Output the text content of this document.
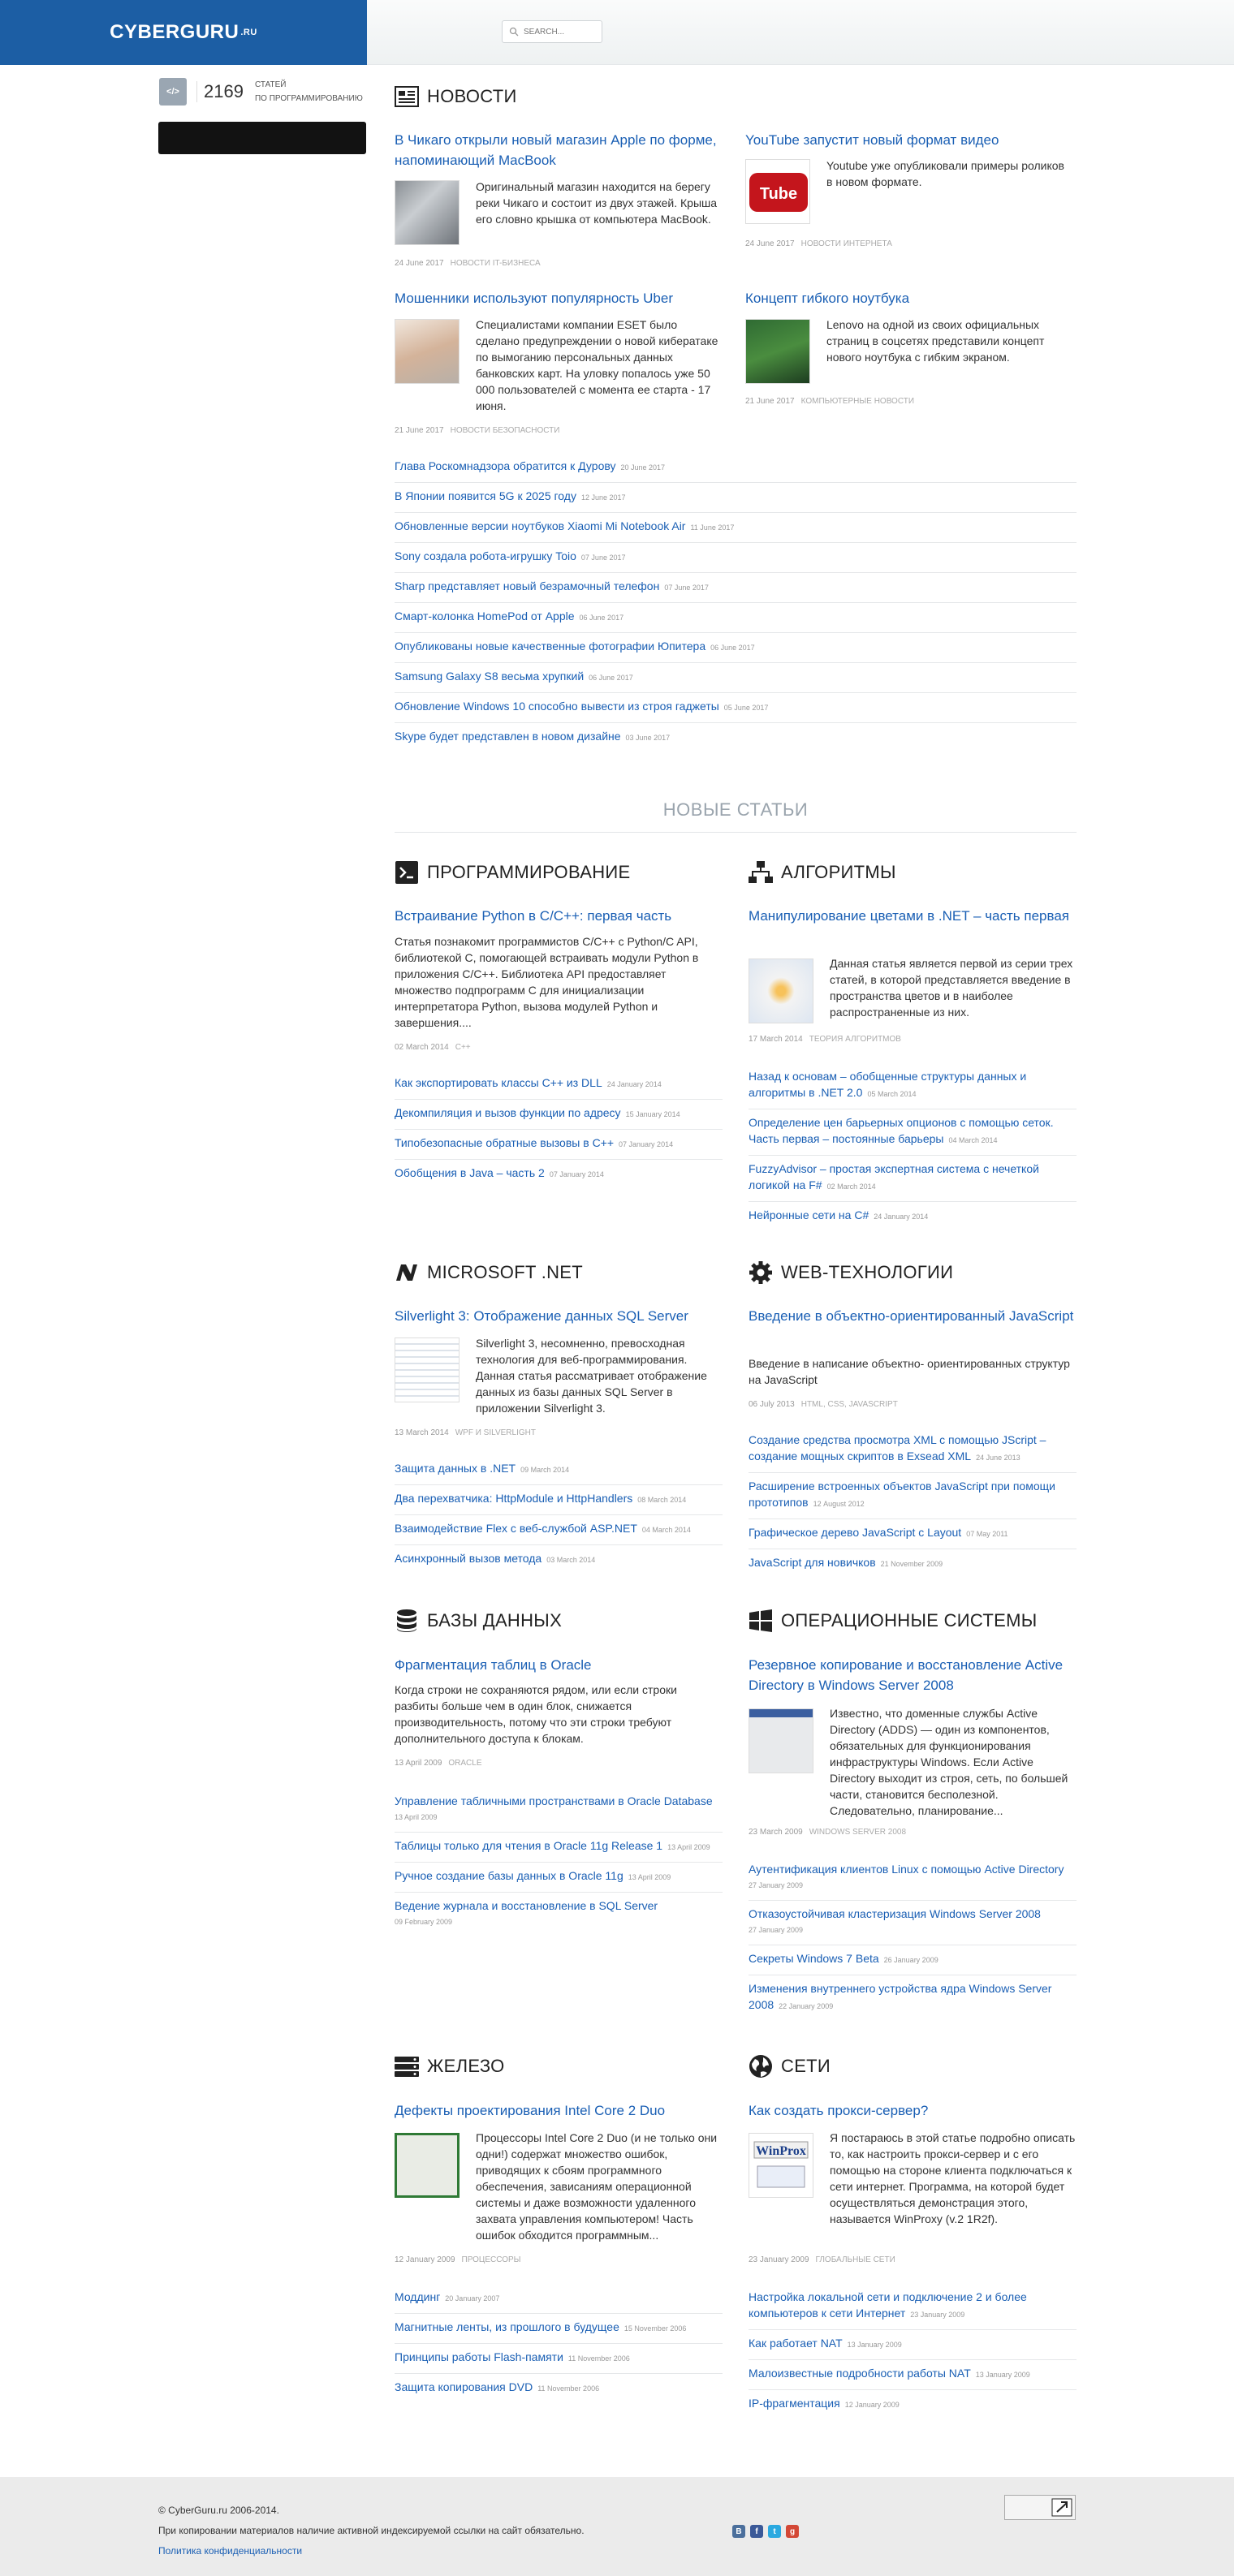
CYBERGURU .RU
SEARCH...
</>	2169 СТАТЕЙ
ПО ПРОГРАММИРОВАНИЮ	НОВОСТИ
В Чикаго открыли новый магазин Apple по форме, напоминающий MacBook
Оригинальный магазин находится на берегу реки Чикаго и состоит из двух этажей. Крыша его словно крышка от компьютера MacBook.
24 June 2017 НОВОСТИ IT-БИЗНЕСА
YouTube запустит новый формат видео
Tube
Youtube уже опубликовали примеры роликов в новом формате.
24 June 2017 НОВОСТИ ИНТЕРНЕТА
Мошенники используют популярность Uber
Специалистами компании ESET было сделано предупреждении о новой кибератаке по вымоганию персональных данных банковских карт. На уловку попалось уже 50 000 пользователей с момента ее старта - 17 июня.
21 June 2017 НОВОСТИ БЕЗОПАСНОСТИ
Концепт гибкого ноутбука
Lenovo на одной из своих официальных страниц в соцсетях представили концепт нового ноутбука с гибким экраном.
21 June 2017 КОМПЬЮТЕРНЫЕ НОВОСТИ
Глава Роскомнадзора обратится к Дурову 20 June 2017
В Японии появится 5G к 2025 году 12 June 2017
Обновленные версии ноутбуков Xiaomi Mi Notebook Air 11 June 2017
Sony создала робота-игрушку Toio 07 June 2017
Sharp представляет новый безрамочный телефон 07 June 2017
Смарт-колонка HomePod от Apple 06 June 2017
Опубликованы новые качественные фотографии Юпитера 06 June 2017
Samsung Galaxy S8 весьма хрупкий 06 June 2017
Обновление Windows 10 способно вывести из строя гаджеты 05 June 2017
Skype будет представлен в новом дизайне 03 June 2017
НОВЫЕ СТАТЬИ
ПРОГРАММИРОВАНИЕ
Встраивание Python в C/C++: первая часть
Статья познакомит программистов C/C++ с Python/C API, библиотекой C, помогающей встраивать модули Python в приложения C/C++. Библиотека API предоставляет множество подпрограмм C для инициализации интерпретатора Python, вызова модулей Python и завершения....
02 March 2014 C++
Как экспортировать классы C++ из DLL 24 January 2014
Декомпиляция и вызов функции по адресу 15 January 2014
Типобезопасные обратные вызовы в C++ 07 January 2014
Обобщения в Java – часть 2 07 January 2014
АЛГОРИТМЫ
Манипулирование цветами в .NET – часть первая
Данная статья является первой из серии трех статей, в которой представляется введение в пространства цветов и в наиболее распространенные из них.
17 March 2014 ТЕОРИЯ АЛГОРИТМОВ
Назад к основам – обобщенные структуры данных и алгоритмы в .NET 2.0 05 March 2014
Определение цен барьерных опционов с помощью сеток. Часть первая – постоянные барьеры 04 March 2014
FuzzyAdvisor – простая экспертная система с нечеткой логикой на F# 02 March 2014
Нейронные сети на C# 24 January 2014
MICROSOFT .NET
Silverlight 3: Отображение данных SQL Server
Silverlight 3, несомненно, превосходная технология для веб-программирования. Данная статья рассматривает отображение данных из базы данных SQL Server в приложении Silverlight 3.
13 March 2014 WPF И SILVERLIGHT
Защита данных в .NET 09 March 2014
Два перехватчика: HttpModule и HttpHandlers 08 March 2014
Взаимодействие Flex с веб-службой ASP.NET 04 March 2014
Асинхронный вызов метода 03 March 2014
WEB-ТЕХНОЛОГИИ
Введение в объектно-ориентированный JavaScript
Введение в написание объектно- ориентированных структур на JavaScript
06 July 2013 HTML, CSS, JAVASCRIPT
Создание средства просмотра XML с помощью JScript – создание мощных скриптов в Exsead XML 24 June 2013
Расширение встроенных объектов JavaScript при помощи прототипов 12 August 2012
Графическое дерево JavaScript с Layout 07 May 2011
JavaScript для новичков 21 November 2009
БАЗЫ ДАННЫХ
Фрагментация таблиц в Oracle
Когда строки не сохраняются рядом, или если строки разбиты больше чем в один блок, снижается производительность, потому что эти строки требуют дополнительного доступа к блокам.
13 April 2009 ORACLE
Управление табличными пространствами в Oracle Database
13 April 2009
Таблицы только для чтения в Oracle 11g Release 1 13 April 2009
Ручное создание базы данных в Oracle 11g 13 April 2009
Ведение журнала и восстановление в SQL Server
09 February 2009
ОПЕРАЦИОННЫЕ СИСТЕМЫ
Резервное копирование и восстановление Active Directory в Windows Server 2008
Известно, что доменные службы Active Directory (ADDS) — один из компонентов, обязательных для функционирования инфраструктуры Windows. Если Active Directory выходит из строя, сеть, по большей части, становится бесполезной. Следовательно, планирование...
23 March 2009 WINDOWS SERVER 2008
Аутентификация клиентов Linux с помощью Active Directory
27 January 2009
Отказоустойчивая кластеризация Windows Server 2008
27 January 2009
Секреты Windows 7 Beta 26 January 2009
Изменения внутреннего устройства ядра Windows Server 2008 22 January 2009
ЖЕЛЕЗО
Дефекты проектирования Intel Core 2 Duo
Процессоры Intel Core 2 Duo (и не только они одни!) содержат множество ошибок, приводящих к сбоям программного обеспечения, зависаниям операционной системы и даже возможности удаленного захвата управления компьютером! Часть ошибок обходится программным...
12 January 2009 ПРОЦЕССОРЫ
Моддинг 20 January 2007
Магнитные ленты, из прошлого в будущее 15 November 2006
Принципы работы Flash-памяти 11 November 2006
Защита копирования DVD 11 November 2006
СЕТИ
Как создать прокси-сервер?
WinProx
Я постараюсь в этой статье подробно описать то, как настроить прокси-сервер и с его помощью на стороне клиента подключаться к сети интернет. Программа, на которой будет осуществляться демонстрация этого, называется WinProxy (v.2 1R2f).
23 January 2009 ГЛОБАЛЬНЫЕ СЕТИ
Настройка локальной сети и подключение 2 и более компьютеров к сети Интернет 23 January 2009
Как работает NAT 13 January 2009
Малоизвестные подробности работы NAT 13 January 2009
IP-фрагментация 12 January 2009
© CyberGuru.ru 2006-2014.
При копировании материалов наличие активной индексируемой ссылки на сайт обязательно.
Политика конфиденциальности
В	f	t	g
